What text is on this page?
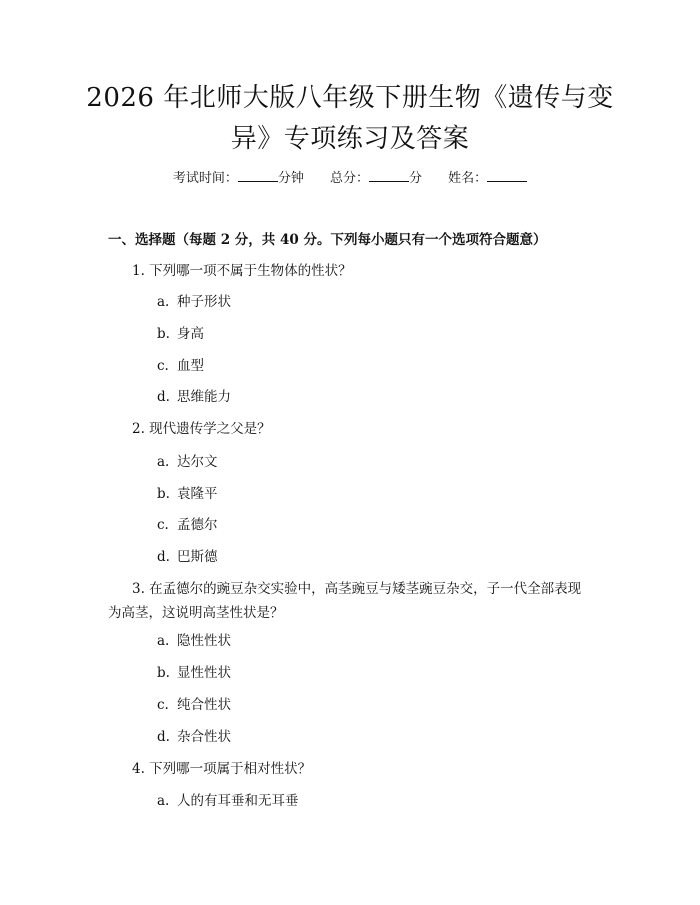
2026 年北师大版八年级下册生物《遗传与变
异》专项练习及答案
考试时间：	分钟 总分：	分 姓名：
一、选择题（每题 2 分，共 40 分。下列每小题只有一个选项符合题意）
1. 下列哪一项不属于生物体的性状？
a. 种子形状
b. 身高
c. 血型
d. 思维能力
2. 现代遗传学之父是？
a. 达尔文
b. 袁隆平
c. 孟德尔
d. 巴斯德
3. 在孟德尔的豌豆杂交实验中，高茎豌豆与矮茎豌豆杂交，子一代全部表现为高茎，这说明高茎性状是？
a. 隐性性状
b. 显性性状
c. 纯合性状
d. 杂合性状
4. 下列哪一项属于相对性状？
a. 人的有耳垂和无耳垂
